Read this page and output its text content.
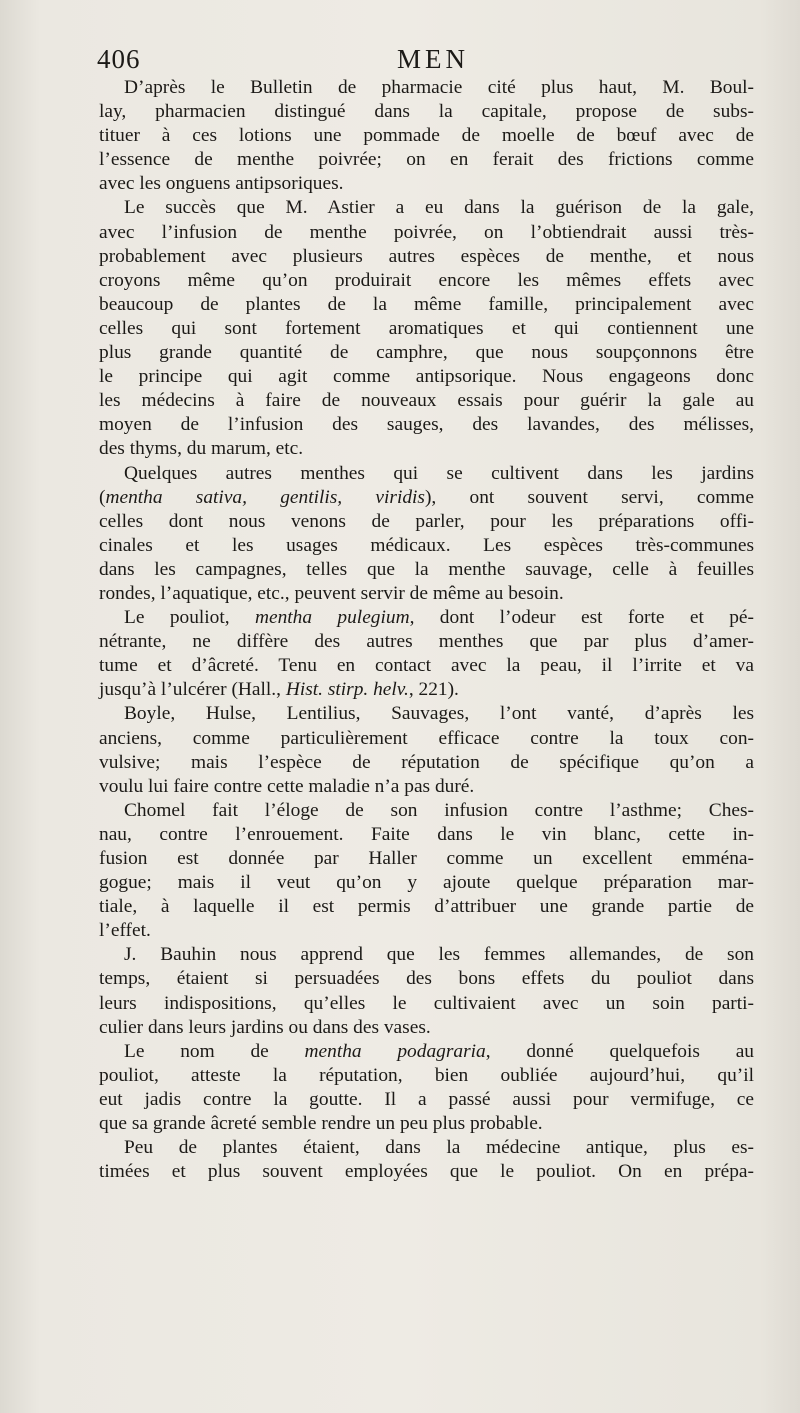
406	MEN
D’après le Bulletin de pharmacie cité plus haut, M. Boul-
lay, pharmacien distingué dans la capitale, propose de subs-
tituer à ces lotions une pommade de moelle de bœuf avec de
l’essence de menthe poivrée; on en ferait des frictions comme
avec les onguens antipsoriques.
Le succès que M. Astier a eu dans la guérison de la gale,
avec l’infusion de menthe poivrée, on l’obtiendrait aussi très-
probablement avec plusieurs autres espèces de menthe, et nous
croyons même qu’on produirait encore les mêmes effets avec
beaucoup de plantes de la même famille, principalement avec
celles qui sont fortement aromatiques et qui contiennent une
plus grande quantité de camphre, que nous soupçonnons être
le principe qui agit comme antipsorique. Nous engageons donc
les médecins à faire de nouveaux essais pour guérir la gale au
moyen de l’infusion des sauges, des lavandes, des mélisses,
des thyms, du marum, etc.
Quelques autres menthes qui se cultivent dans les jardins
(mentha sativa, gentilis, viridis), ont souvent servi, comme
celles dont nous venons de parler, pour les préparations offi-
cinales et les usages médicaux. Les espèces très-communes
dans les campagnes, telles que la menthe sauvage, celle à feuilles
rondes, l’aquatique, etc., peuvent servir de même au besoin.
Le pouliot, mentha pulegium, dont l’odeur est forte et pé-
nétrante, ne diffère des autres menthes que par plus d’amer-
tume et d’âcreté. Tenu en contact avec la peau, il l’irrite et va
jusqu’à l’ulcérer (Hall., Hist. stirp. helv., 221).
Boyle, Hulse, Lentilius, Sauvages, l’ont vanté, d’après les
anciens, comme particulièrement efficace contre la toux con-
vulsive; mais l’espèce de réputation de spécifique qu’on a
voulu lui faire contre cette maladie n’a pas duré.
Chomel fait l’éloge de son infusion contre l’asthme; Ches-
nau, contre l’enrouement. Faite dans le vin blanc, cette in-
fusion est donnée par Haller comme un excellent emména-
gogue; mais il veut qu’on y ajoute quelque préparation mar-
tiale, à laquelle il est permis d’attribuer une grande partie de
l’effet.
J. Bauhin nous apprend que les femmes allemandes, de son
temps, étaient si persuadées des bons effets du pouliot dans
leurs indispositions, qu’elles le cultivaient avec un soin parti-
culier dans leurs jardins ou dans des vases.
Le nom de mentha podagraria, donné quelquefois au
pouliot, atteste la réputation, bien oubliée aujourd’hui, qu’il
eut jadis contre la goutte. Il a passé aussi pour vermifuge, ce
que sa grande âcreté semble rendre un peu plus probable.
Peu de plantes étaient, dans la médecine antique, plus es-
timées et plus souvent employées que le pouliot. On en prépa-
